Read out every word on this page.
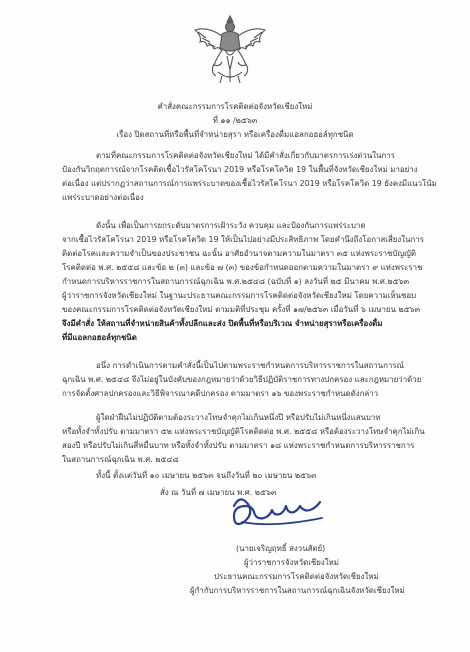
คำสั่งคณะกรรมการโรคติดต่อจังหวัดเชียงใหม่
ที่ ๑๑ /๒๕๖๓
เรื่อง ปิดสถานที่หรือพื้นที่จำหน่ายสุรา หรือเครื่องดื่มแอลกอฮอล์ทุกชนิด
ตามที่คณะกรรมการโรคติดต่อจังหวัดเชียงใหม่ ได้มีคำสั่งเกี่ยวกับมาตรการเร่งด่วนในการ
ป้องกันวิกฤตการณ์จากโรคติดเชื้อไวรัสโคโรนา 2019 หรือโรคโควิด 19 ในพื้นที่จังหวัดเชียงใหม่ มาอย่าง
ต่อเนื่อง แต่ปรากฏว่าสถานการณ์การแพร่ระบาดของเชื้อไวรัสโคโรนา 2019 หรือโรคโควิด 19 ยังคงมีแนวโน้ม
แพร่ระบาดอย่างต่อเนื่อง
ดังนั้น เพื่อเป็นการยกระดับมาตรการเฝ้าระวัง ควบคุม และป้องกันการแพร่ระบาด
จากเชื้อไวรัสโคโรนา 2019 หรือโรคโควิด 19 ให้เป็นไปอย่างมีประสิทธิภาพ โดยคำนึงถึงโอกาสเสี่ยงในการ
ติดต่อโรคและความจำเป็นของประชาชน ฉะนั้น อาศัยอำนาจตามความในมาตรา ๓๕ แห่งพระราชบัญญัติ
โรคติดต่อ พ.ศ. ๒๕๕๘ และข้อ ๒ (๓) และข้อ ๗ (๓) ของข้อกำหนดออกตามความในมาตรา ๙ แห่งพระราช
กำหนดการบริหารราชการในสถานการณ์ฉุกเฉิน พ.ศ.๒๕๔๘ (ฉบับที่ ๑) ลงวันที่ ๒๕ มีนาคม พ.ศ.๒๕๖๓
ผู้ว่าราชการจังหวัดเชียงใหม่ ในฐานะประธานคณะกรรมการโรคติดต่อจังหวัดเชียงใหม่ โดยความเห็นชอบ
ของคณะกรรมการโรคติดต่อจังหวัดเชียงใหม่ ตามมติที่ประชุม ครั้งที่ ๑๗/๒๕๖๓ เมื่อวันที่ ๖ เมษายน ๒๕๖๓
จึงมีคำสั่ง ให้สถานที่จำหน่ายสินค้าทั้งปลีกและส่ง ปิดพื้นที่หรือบริเวณ จำหน่ายสุราหรือเครื่องดื่ม
ที่มีแอลกอฮอล์ทุกชนิด
อนึ่ง การดำเนินการตามคำสั่งนี้เป็นไปตามพระราชกำหนดการบริหารราชการในสถานการณ์
ฉุกเฉิน พ.ศ. ๒๕๔๘ จึงไม่อยู่ในบังคับของกฎหมายว่าด้วยวิธีปฏิบัติราชการทางปกครอง และกฎหมายว่าด้วย
การจัดตั้งศาลปกครองและวิธีพิจารณาคดีปกครอง ตามมาตรา ๑๖ ของพระราชกำหนดดังกล่าว
ผู้ใดฝ่าฝืนไม่ปฏิบัติตามต้องระวางโทษจำคุกไม่เกินหนึ่งปี หรือปรับไม่เกินหนึ่งแสนบาท
หรือทั้งจำทั้งปรับ ตามมาตรา ๕๒ แห่งพระราชบัญญัติโรคติดต่อ พ.ศ. ๒๕๕๘ หรือต้องระวางโทษจำคุกไม่เกิน
สองปี หรือปรับไม่เกินสี่หมื่นบาท หรือทั้งจำทั้งปรับ ตามมาตรา ๑๘ แห่งพระราชกำหนดการบริหารราชการ
ในสถานการณ์ฉุกเฉิน พ.ศ. ๒๕๔๘
ทั้งนี้ ตั้งแต่วันที่ ๑๐ เมษายน ๒๕๖๓ จนถึงวันที่ ๒๐ เมษายน ๒๕๖๓
สั่ง ณ วันที่ ๗ เมษายน พ.ศ. ๒๕๖๓
(นายเจริญฤทธิ์ สงวนสัตย์)
ผู้ว่าราชการจังหวัดเชียงใหม่
ประธานคณะกรรมการโรคติดต่อจังหวัดเชียงใหม่
ผู้กำกับการบริหารราชการในสถานการณ์ฉุกเฉินจังหวัดเชียงใหม่
